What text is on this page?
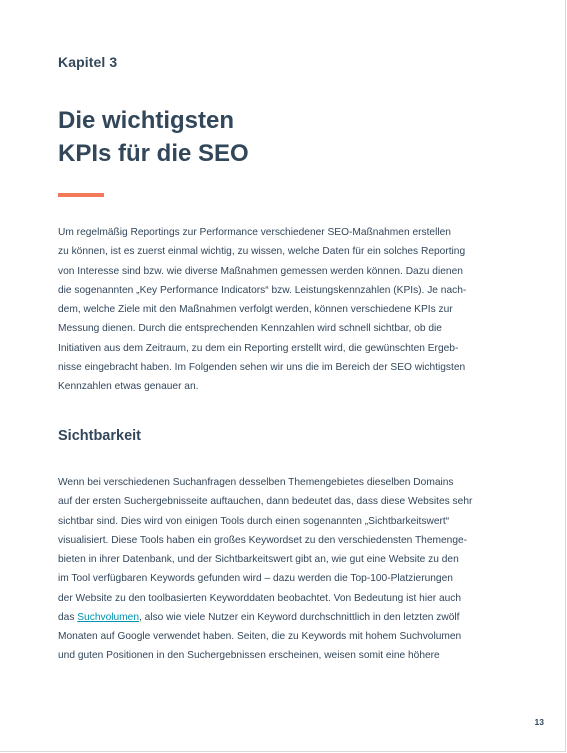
Kapitel 3
Die wichtigsten
KPIs für die SEO
Um regelmäßig Reportings zur Performance verschiedener SEO-Maßnahmen erstellen
zu können, ist es zuerst einmal wichtig, zu wissen, welche Daten für ein solches Reporting
von Interesse sind bzw. wie diverse Maßnahmen gemessen werden können. Dazu dienen
die sogenannten „Key Performance Indicators“ bzw. Leistungskennzahlen (KPIs). Je nach-
dem, welche Ziele mit den Maßnahmen verfolgt werden, können verschiedene KPIs zur
Messung dienen. Durch die entsprechenden Kennzahlen wird schnell sichtbar, ob die
Initiativen aus dem Zeitraum, zu dem ein Reporting erstellt wird, die gewünschten Ergeb-
nisse eingebracht haben. Im Folgenden sehen wir uns die im Bereich der SEO wichtigsten
Kennzahlen etwas genauer an.
Sichtbarkeit
Wenn bei verschiedenen Suchanfragen desselben Themengebietes dieselben Domains
auf der ersten Suchergebnisseite auftauchen, dann bedeutet das, dass diese Websites sehr
sichtbar sind. Dies wird von einigen Tools durch einen sogenannten „Sichtbarkeitswert“
visualisiert. Diese Tools haben ein großes Keywordset zu den verschiedensten Themenge-
bieten in ihrer Datenbank, und der Sichtbarkeitswert gibt an, wie gut eine Website zu den
im Tool verfügbaren Keywords gefunden wird – dazu werden die Top-100-Platzierungen
der Website zu den toolbasierten Keyworddaten beobachtet. Von Bedeutung ist hier auch
das Suchvolumen, also wie viele Nutzer ein Keyword durchschnittlich in den letzten zwölf
Monaten auf Google verwendet haben. Seiten, die zu Keywords mit hohem Suchvolumen
und guten Positionen in den Suchergebnissen erscheinen, weisen somit eine höhere
13
